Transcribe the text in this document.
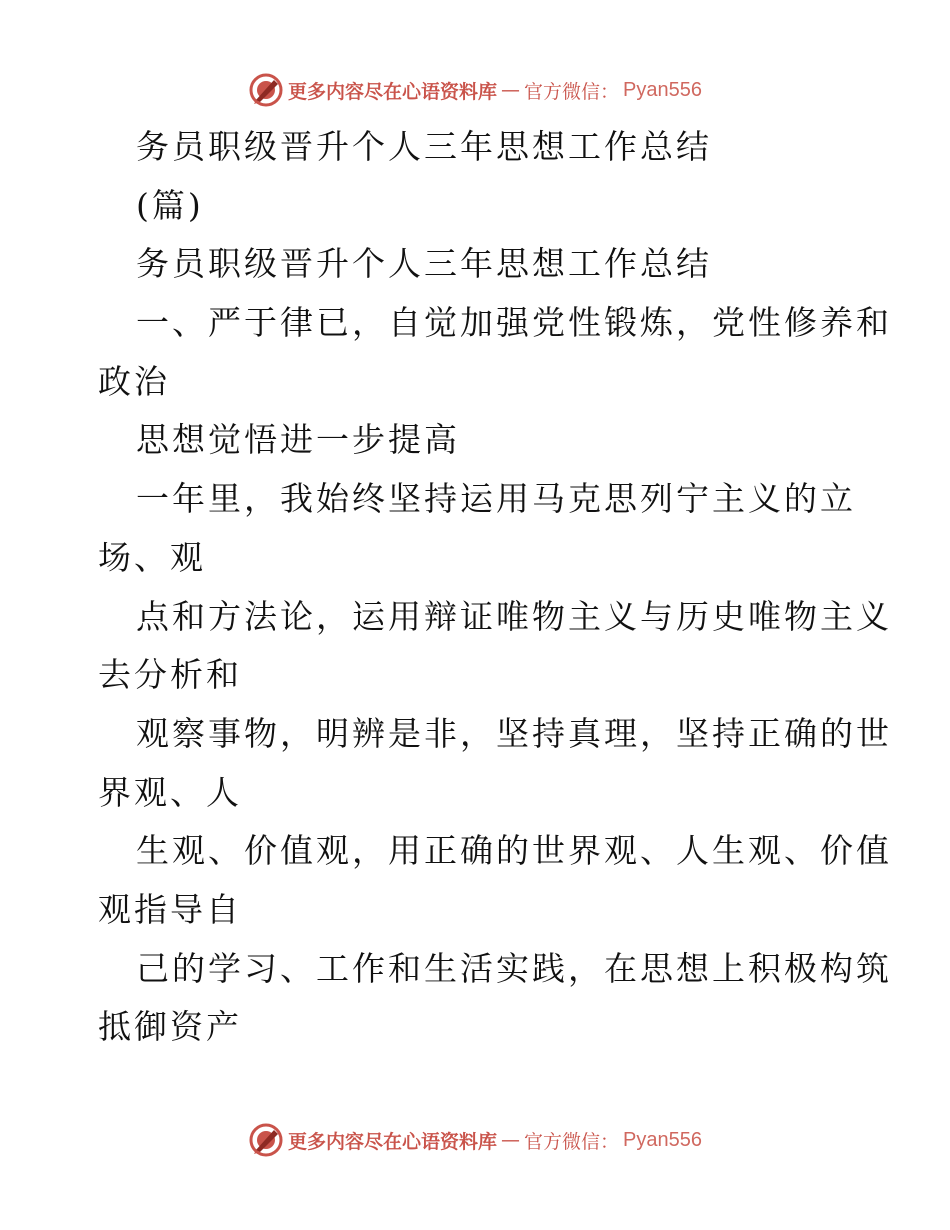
更多内容尽在心语资料库 — 官方微信： Pyan556
务员职级晋升个人三年思想工作总结
(篇)
务员职级晋升个人三年思想工作总结
一、严于律已，自觉加强党性锻炼，党性修养和
政治
思想觉悟进一步提高
一年里，我始终坚持运用马克思列宁主义的立
场、观
点和方法论，运用辩证唯物主义与历史唯物主义
去分析和
观察事物，明辨是非，坚持真理，坚持正确的世
界观、人
生观、价值观，用正确的世界观、人生观、价值
观指导自
己的学习、工作和生活实践，在思想上积极构筑
抵御资产
更多内容尽在心语资料库 — 官方微信： Pyan556
